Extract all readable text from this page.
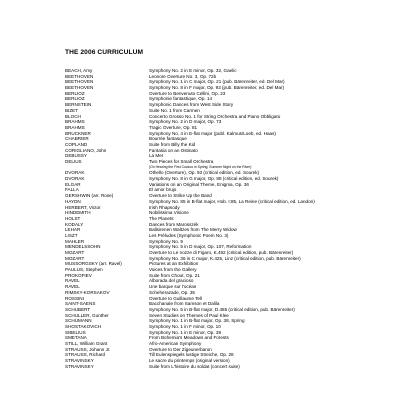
THE 2006 CURRICULUM
BEACH, Amy	Symphony No. 2 in E minor, Op. 32, Gaelic
BEETHOVEN	Leonore Overture No. 3, Op. 72b
BEETHOVEN	Symphony No. 1 in C major, Op. 21 (pub. Bärenreiter, ed. Del Mar)
BEETHOVEN	Symphony No. 8 in F major, Op. 93 (pub. Bärenreiter, ed. Del Mar)
BERLIOZ	Overture to Benvenuto Cellini, Op. 23
BERLIOZ	Symphonie fantastique, Op. 14
BERNSTEIN	Symphonic Dances from West Side Story
BIZET	Suite No. 1 from Carmen
BLOCH	Concerto Grosso No. 1 for String Orchestra and Piano Obbligato
BRAHMS	Symphony No. 2 in D major, Op. 73
BRAHMS	Tragic Overture, Op. 81
BRUCKNER	Symphony No. 4 in E-flat major (publ. Kalmus/Loeb, ed. Haas)
CHABRIER	Bourrée fantasque
COPLAND	Suite from Billy the Kid
CORIGLIANO, John	Fantasia on an Ostinato
DEBUSSY	La Mer
DELIUS	Two Pieces for Small Orchestra
(On Hearing the First Cuckoo in Spring; Summer Night on the River)
DVORAK	Othello (Overture), Op. 93 (critical edition, ed. Sourek)
DVORAK	Symphony No. 8 in G major, Op. 88 (critical edition, ed. Sourek)
ELGAR	Variations on an Original Theme, Enigma, Op. 36
FALLA	El amor brujo
GERSHWIN (arr. Rose)	Overture to Strike Up the Band
HAYDN	Symphony No. 85 in B-flat major, Hob. I:85, La Reine (critical edition, ed. Landon)
HERBERT, Victor	Irish Rhapsody
HINDEMITH	Nobilissima Visione
HOLST	The Planets
KODALY	Dances from Marosszék
LEHAR	Ballsirenen Waltzes from The Merry Widow
LISZT	Les Préludes (Symphonic Poem No. 3)
MAHLER	Symphony No. 9
MENDELSSOHN	Symphony No. 5 in D major, Op. 107, Reformation
MOZART	Overture to Le nozze di Figaro, K.492 (critical edition, pub. Bärenreiter)
MOZART	Symphony No. 36 in C major, K.425, Linz (critical edition, pub. Bärenreiter)
MUSSORGSKY (arr. Ravel)	Pictures at an Exhibition
PAULUS, Stephen	Voices from the Gallery
PROKOFIEV	Suite from Chout, Op. 21
RAVEL	Alborada del gracioso
RAVEL	Une barque sur l'océan
RIMSKY-KORSAKOV	Scheherazade, Op. 35
ROSSINI	Overture to Guillaume Tell
SAINT-SAENS	Bacchanale from Samson et Dalila
SCHUBERT	Symphony No. 5 in B-flat major, D.485 (critical edition, pub. Bärenreiter)
SCHULLER, Gunther	Seven Studies on Themes of Paul Klee
SCHUMANN	Symphony No. 1 in B-flat major, Op. 38, Spring
SHOSTAKOVICH	Symphony No. 1 in F minor, Op. 10
SIBELIUS	Symphony No. 1 in E minor, Op. 39
SMETANA	From Bohemia's Meadows and Forests
STILL, William Grant	Afro-American Symphony
STRAUSS, Johann Jr.	Overture to Der Zigeunerbaron
STRAUSS, Richard	Till Eulenspiegels lustige Streiche, Op. 28
STRAVINSKY	Le sacre du printemps (original version)
STRAVINSKY	Suite from L'histoire du soldat (concert suite)
